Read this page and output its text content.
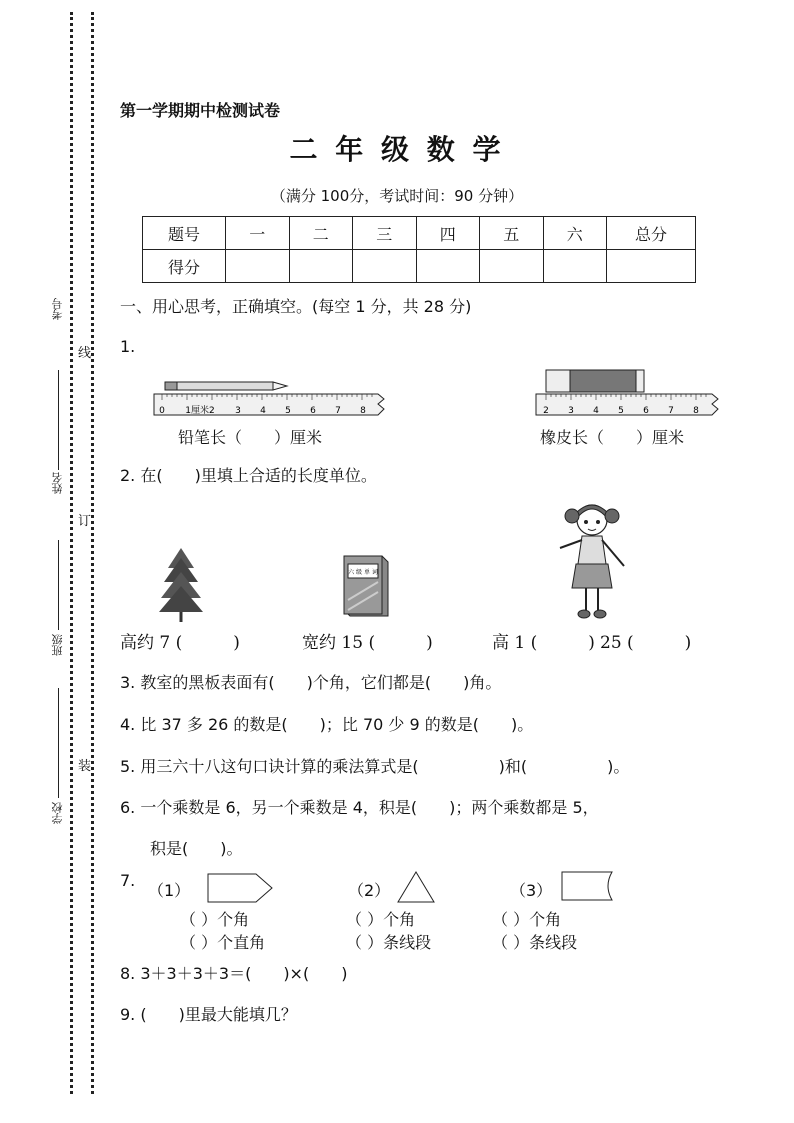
考号
姓名
班级
学校
线
订
装
第一学期期中检测试卷
二 年 级 数 学
（满分 100分，考试时间：90 分钟）
题号	一	二	三	四	五	六	总分
得分							
一、用心思考，正确填空。(每空 1 分，共 28 分)
1.
0 1厘米2 3 4 5 6 7 8
铅笔长（　　）厘米
2 3 4 5 6 7 8
橡皮长（　　）厘米
2. 在(　　)里填上合适的长度单位。
六 级 单 词
高约 7 (　　　)	宽约 15 (　　　)	高 1 (　　　) 25 (　　　)
3. 教室的黑板表面有(　　)个角，它们都是(　　)角。
4. 比 37 多 26 的数是(　　)；比 70 少 9 的数是(　　)。
5. 用三六十八这句口诀计算的乘法算式是(　　　　　)和(　　　　　)。
6. 一个乘数是 6，另一个乘数是 4，积是(　　)；两个乘数都是 5，
积是(　　)。
7.
（1）
（ ）个角
（ ）个直角
（2）
（ ）个角
（ ）条线段
（3）
（ ）个角
（ ）条线段
8. 3＋3＋3＋3＝(　　)×(　　)
9. (　　)里最大能填几？
